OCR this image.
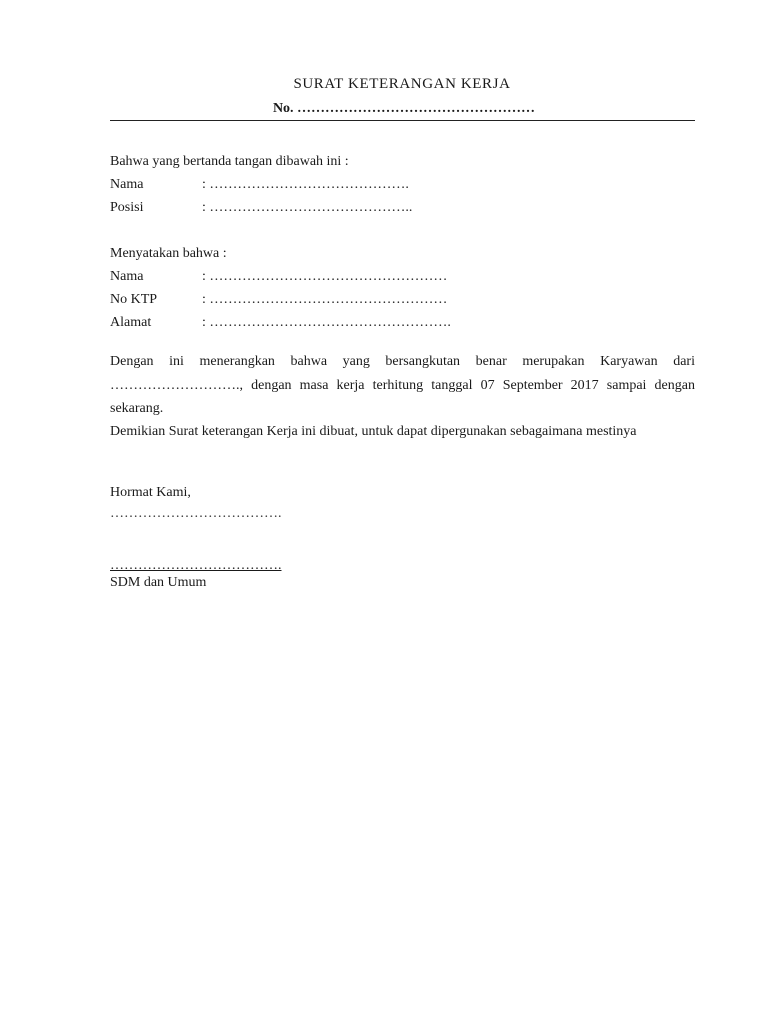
SURAT KETERANGAN KERJA
No. ……………………………………………
Bahwa yang bertanda tangan dibawah ini :
Nama	: …………………………………….
Posisi	: ……………………………………..
Menyatakan bahwa :
Nama	: ……………………………………………
No KTP	: ……………………………………………
Alamat	: …………………………………………….
Dengan ini menerangkan bahwa yang bersangkutan benar merupakan Karyawan dari
………………………., dengan masa kerja terhitung tanggal 07 September 2017 sampai dengan
sekarang.
Demikian Surat keterangan Kerja ini dibuat, untuk dapat dipergunakan sebagaimana mestinya
Hormat Kami,
……………………………….
……………………………….
SDM dan Umum
